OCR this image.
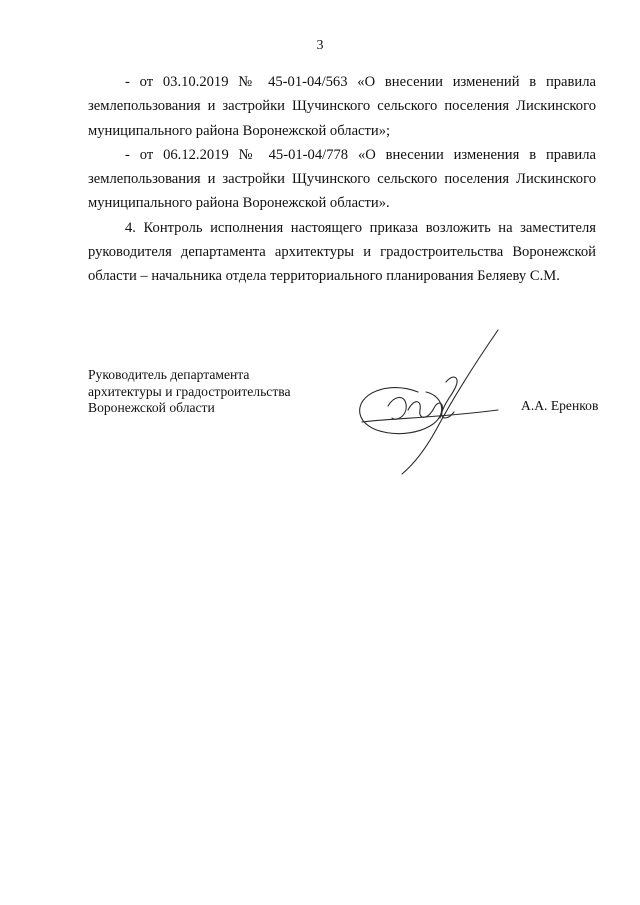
3

- от 03.10.2019 № 45-01-04/563 «О внесении изменений в правила землепользования и застройки Щучинского сельского поселения Лискинского муниципального района Воронежской области»;

- от 06.12.2019 № 45-01-04/778 «О внесении изменения в правила землепользования и застройки Щучинского сельского поселения Лискинского муниципального района Воронежской области».

4. Контроль исполнения настоящего приказа возложить на заместителя руководителя департамента архитектуры и градостроительства Воронежской области – начальника отдела территориального планирования Беляеву С.М.

Руководитель департамента
архитектуры и градостроительства
Воронежской области	А.А. Еренков
